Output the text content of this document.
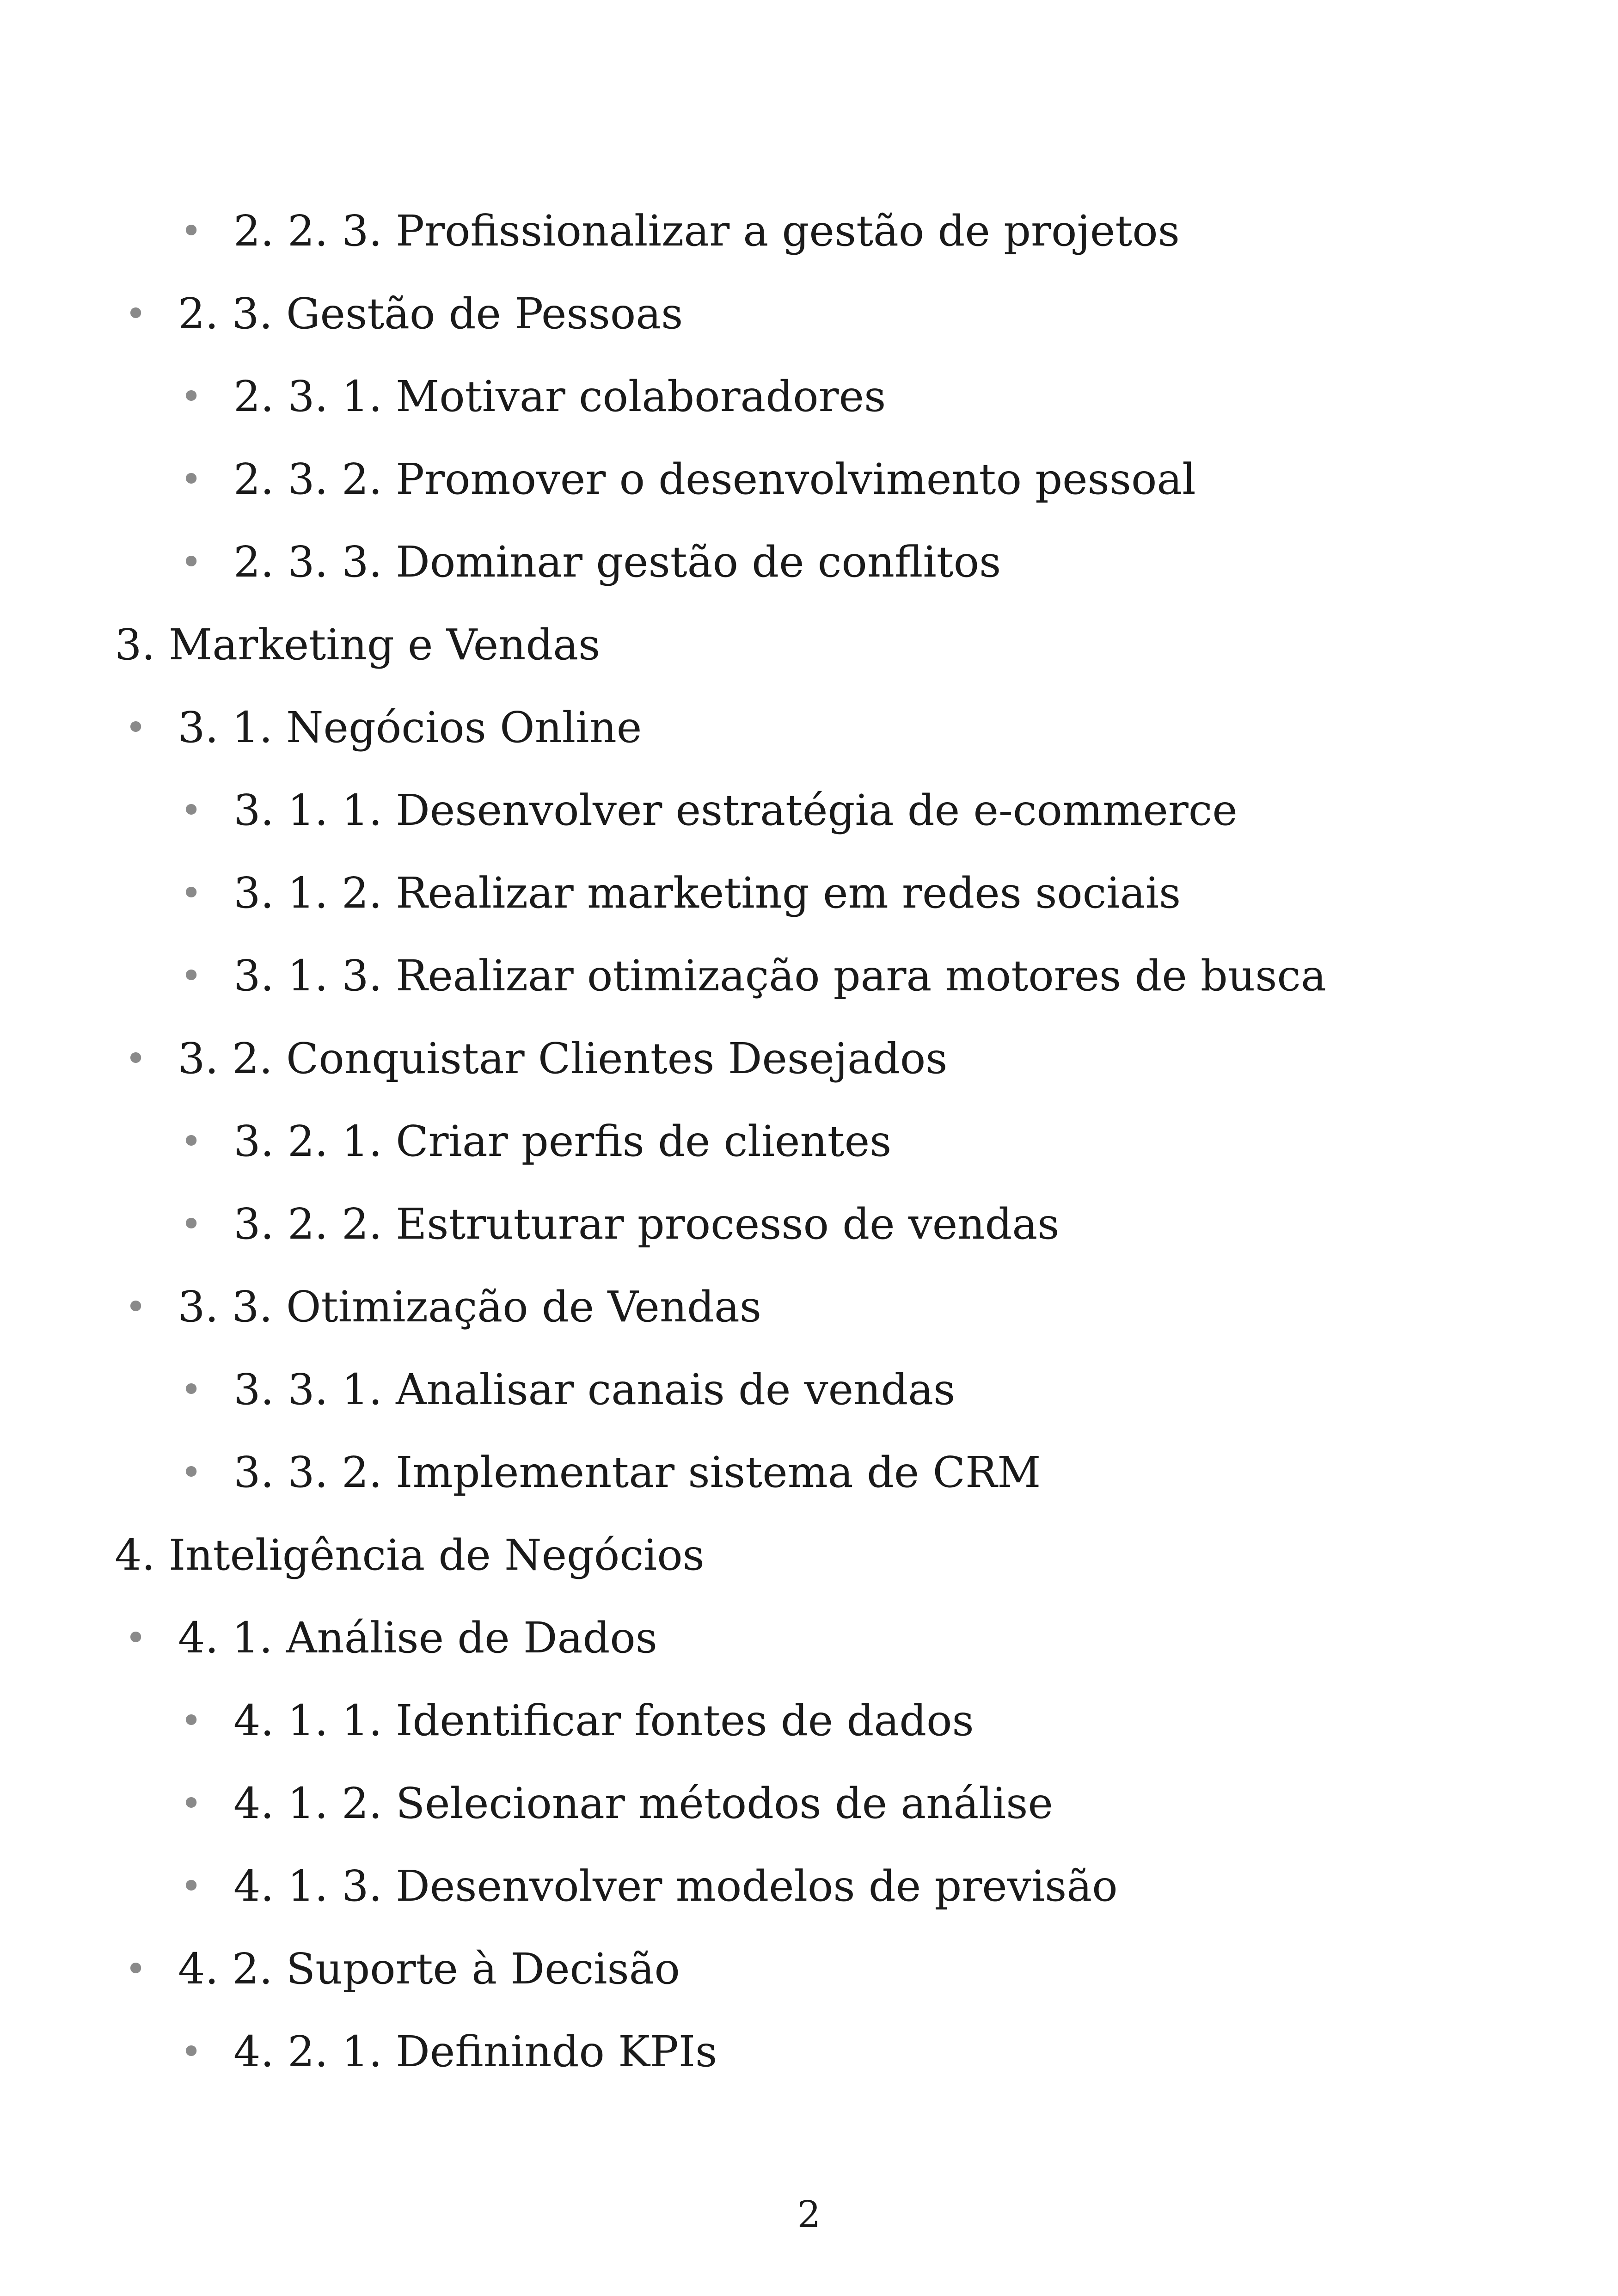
• 2. 2. 3. Profissionalizar a gestão de projetos
• 2. 3. Gestão de Pessoas
• 2. 3. 1. Motivar colaboradores
• 2. 3. 2. Promover o desenvolvimento pessoal
• 2. 3. 3. Dominar gestão de conflitos
3. Marketing e Vendas
• 3. 1. Negócios Online
• 3. 1. 1. Desenvolver estratégia de e-commerce
• 3. 1. 2. Realizar marketing em redes sociais
• 3. 1. 3. Realizar otimização para motores de busca
• 3. 2. Conquistar Clientes Desejados
• 3. 2. 1. Criar perfis de clientes
• 3. 2. 2. Estruturar processo de vendas
• 3. 3. Otimização de Vendas
• 3. 3. 1. Analisar canais de vendas
• 3. 3. 2. Implementar sistema de CRM
4. Inteligência de Negócios
• 4. 1. Análise de Dados
• 4. 1. 1. Identificar fontes de dados
• 4. 1. 2. Selecionar métodos de análise
• 4. 1. 3. Desenvolver modelos de previsão
• 4. 2. Suporte à Decisão
• 4. 2. 1. Definindo KPIs
2
